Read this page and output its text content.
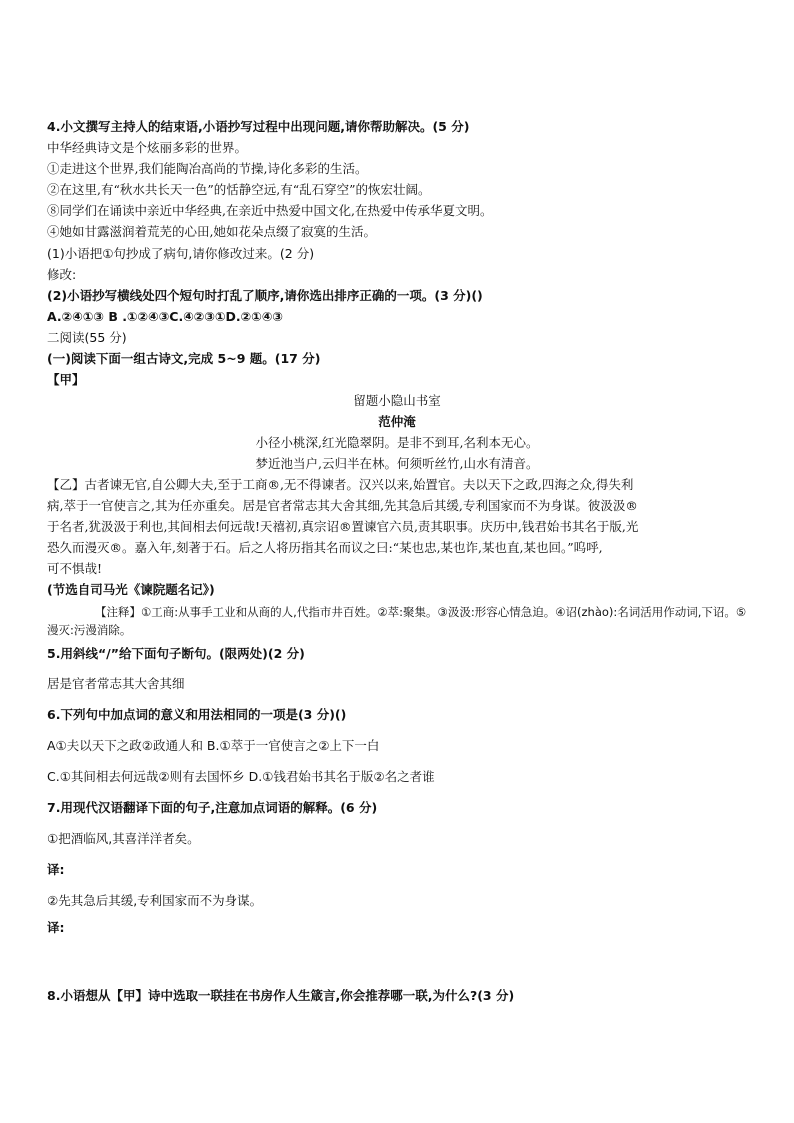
4.小文撰写主持人的结束语,小语抄写过程中出现问题,请你帮助解决。(5 分)
中华经典诗文是个炫丽多彩的世界。
①走进这个世界,我们能陶冶高尚的节操,诗化多彩的生活。
②在这里,有“秋水共长天一色”的恬静空远,有“乱石穿空”的恢宏壮阔。
⑧同学们在诵读中亲近中华经典,在亲近中热爱中国文化,在热爱中传承华夏文明。
④她如甘露滋润着荒芜的心田,她如花朵点缀了寂寞的生活。
(1)小语把①句抄成了病句,请你修改过来。(2 分)
修改:
(2)小语抄写横线处四个短句时打乱了顺序,请你选出排序正确的一项。(3 分)()
A.②④①③ B .①②④③C.④②③①D.②①④③
二阅读(55 分)
(一)阅读下面一组古诗文,完成 5~9 题。(17 分)
【甲】
留题小隐山书室
范仲淹
小径小桃深,红光隐翠阴。是非不到耳,名利本无心。
梦近池当户,云归半在林。何须听丝竹,山水有清音。
【乙】古者谏无官,自公卿大夫,至于工商®,无不得谏者。汉兴以来,始置官。夫以天下之政,四海之众,得失利
病,萃于一官使言之,其为任亦重矣。居是官者常志其大舍其细,先其急后其缓,专利国家而不为身谋。彼汲汲®
于名者,犹汲汲于利也,其间相去何远哉!天禧初,真宗诏®置谏官六员,责其职事。庆历中,钱君始书其名于版,光
恐久而漫灭®。嘉入年,刻著于石。后之人将历指其名而议之曰:“某也忠,某也诈,某也直,某也回。”呜呼,
可不惧哉!
(节选自司马光《谏院题名记》)
【注释】①工商:从事手工业和从商的人,代指市井百姓。②萃:聚集。③汲汲:形容心情急迫。④诏(zhào):名词活用作动词,下诏。⑤漫灭:污漫消除。
5.用斜线“/”给下面句子断句。(限两处)(2 分)
居是官者常志其大舍其细
6.下列句中加点词的意义和用法相同的一项是(3 分)()
A①夫以天下之政②政通人和 B.①萃于一官使言之②上下一白
C.①其间相去何远哉②则有去国怀乡 D.①钱君始书其名于版②名之者谁
7.用现代汉语翻译下面的句子,注意加点词语的解释。(6 分)
①把酒临风,其喜洋洋者矣。
译:
②先其急后其缓,专利国家而不为身谋。
译:
8.小语想从【甲】诗中选取一联挂在书房作人生箴言,你会推荐哪一联,为什么?(3 分)
